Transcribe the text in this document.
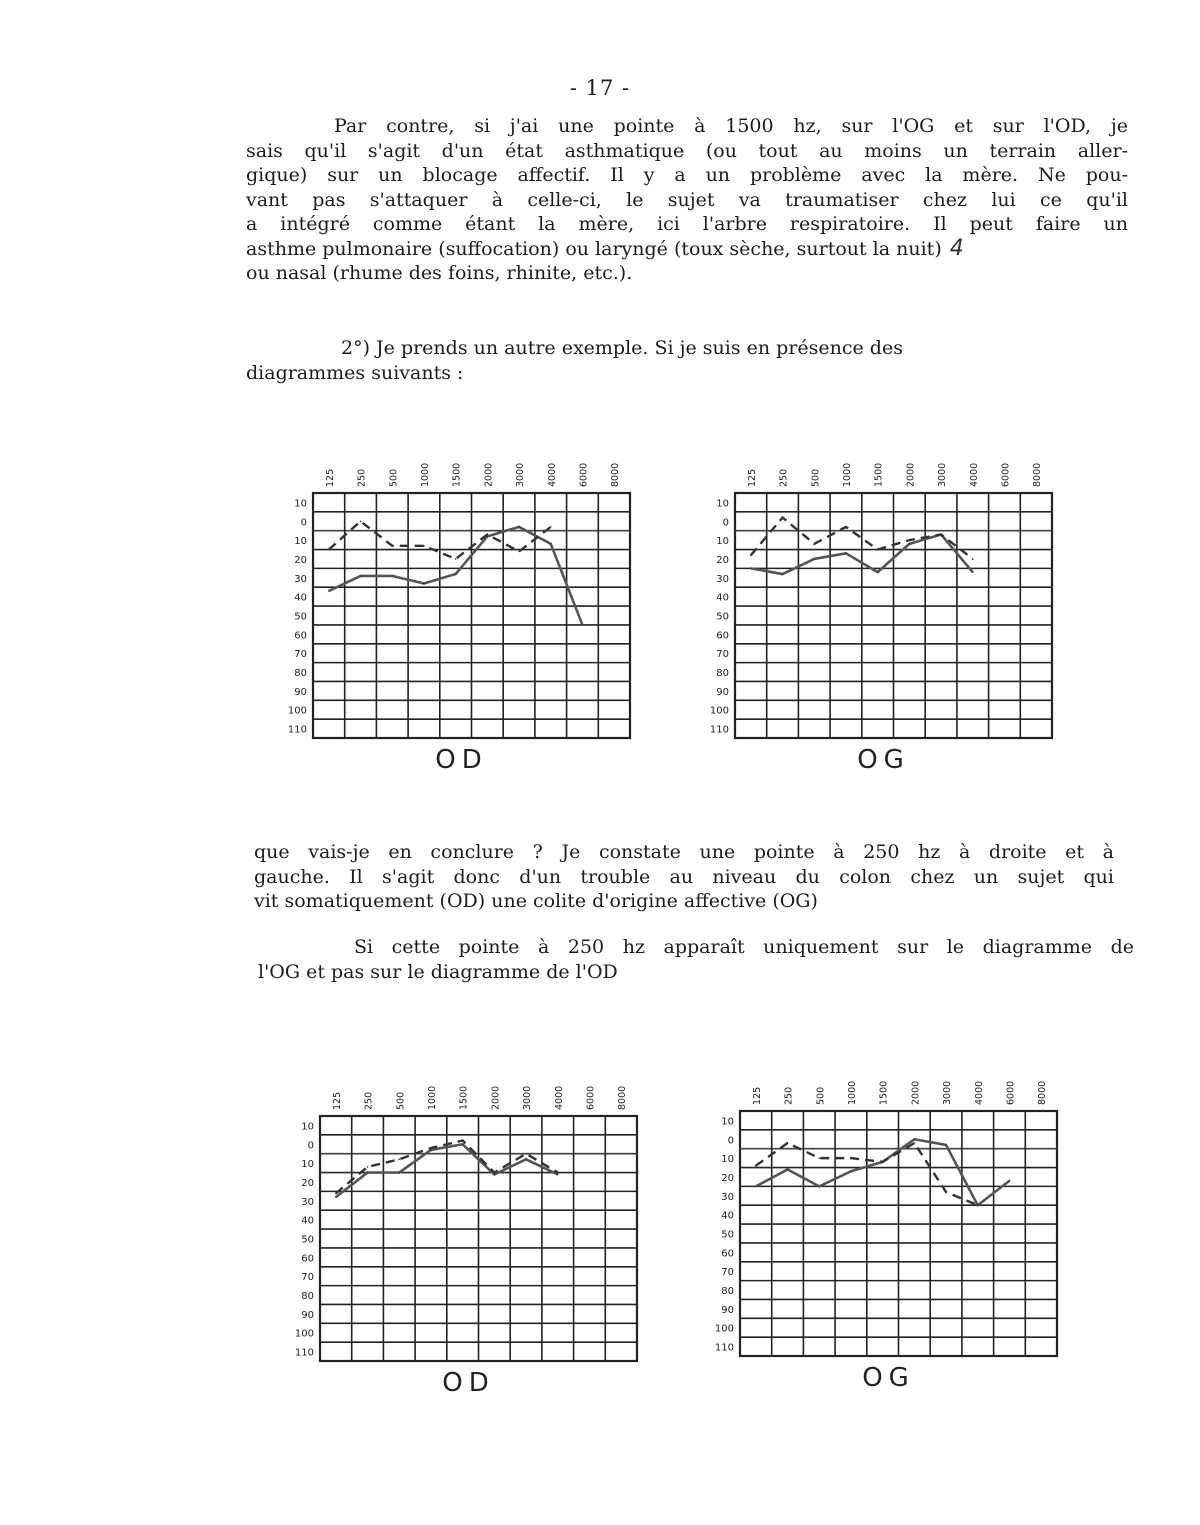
- 17 -
Par contre, si j'ai une pointe à 1500 hz, sur l'OG et sur l'OD, je
sais qu'il s'agit d'un état asthmatique (ou tout au moins un terrain aller-
gique) sur un blocage affectif. Il y a un problème avec la mère. Ne pou-
vant pas s'attaquer à celle-ci, le sujet va traumatiser chez lui ce qu'il
a intégré comme étant la mère, ici l'arbre respiratoire. Il peut faire un
asthme pulmonaire (suffocation) ou laryngé (toux sèche, surtout la nuit) 4
ou nasal (rhume des foins, rhinite, etc.).
2°) Je prends un autre exemple. Si je suis en présence des
diagrammes suivants :
125 250 500 1000 1500 2000 3000 4000 6000 8000
10
0
10
20
30
40
50
60
70
80
90
100
110
OD
125 250 500 1000 1500 2000 3000 4000 6000 8000
10
0
10
20
30
40
50
60
70
80
90
100
110
OG
que vais-je en conclure ? Je constate une pointe à 250 hz à droite et à
gauche. Il s'agit donc d'un trouble au niveau du colon chez un sujet qui
vit somatiquement (OD) une colite d'origine affective (OG)
Si cette pointe à 250 hz apparaît uniquement sur le diagramme de
l'OG et pas sur le diagramme de l'OD
125 250 500 1000 1500 2000 3000 4000 6000 8000
10
0
10
20
30
40
50
60
70
80
90
100
110
OD
125 250 500 1000 1500 2000 3000 4000 6000 8000
10
0
10
20
30
40
50
60
70
80
90
100
110
OG
